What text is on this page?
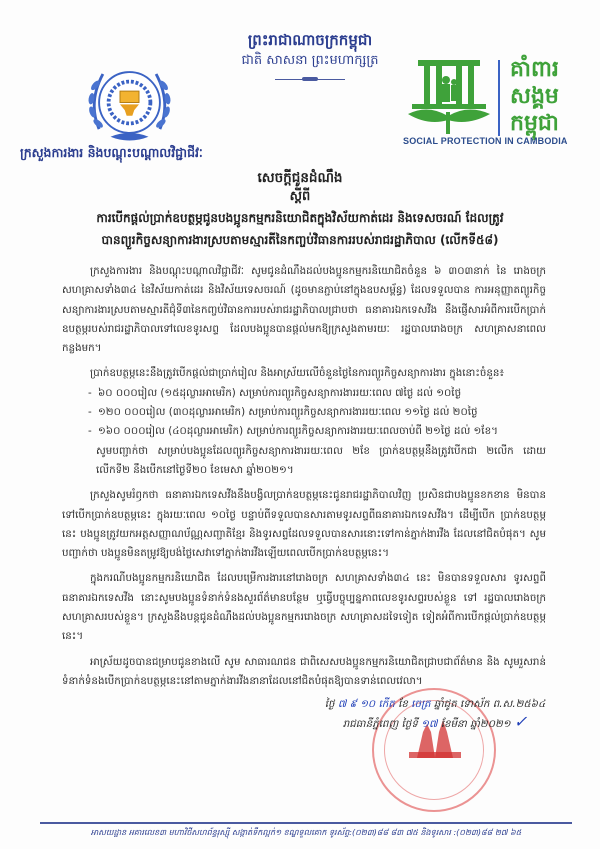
ព្រះរាជាណាចក្រកម្ពុជា
ជាតិ សាសនា ព្រះមហាក្សត្រ	គាំពារ
សង្គម
កម្ពុជា
SOCIAL PROTECTION IN CAMBODIA
ក្រសួងការងារ និងបណ្តុះបណ្តាលវិជ្ជាជីវៈ
សេចក្តីជូនដំណឹង
ស្តីពី
ការបើកផ្តល់ប្រាក់ឧបត្ថម្ភជូនបងប្អូនកម្មករនិយោជិតក្នុងវិស័យកាត់ដេរ និងទេសចរណ៍ ដែលត្រូវ
បានព្យួរកិច្ចសន្យាការងារស្របតាមស្មារតីនៃកញ្ចប់វិធានការរបស់រាជរដ្ឋាភិបាល (លើកទី៥៨)

ក្រសួងការងារ និងបណ្តុះបណ្តាលវិជ្ជាជីវៈ សូមជូនដំណឹងដល់បងប្អូនកម្មករនិយោជិតចំនួន ៦ ៣០៣នាក់ នៃ រោងចក្រ សហគ្រាសទាំង៣៤ នៃវិស័យកាត់ដេរ និងវិស័យទេសចរណ៍ (ដូចមានភ្ជាប់នៅក្នុងឧបសម្ព័ន្ធ) ដែលទទួលបាន ការអនុញ្ញាតព្យួរកិច្ចសន្យាការងារស្របតាមស្មារតីជុំទី៣នៃកញ្ចប់វិធានការរបស់រាជរដ្ឋាភិបាលជ្រាបថា ធនាគារឯកទេសវីង នឹងផ្ញើសារអំពីការបើកប្រាក់ឧបត្ថម្ភរបស់រាជរដ្ឋាភិបាលទៅលេខទូរសព្ទ ដែលបងប្អូនបានផ្តល់មកឱ្យក្រសួងតាមរយៈ រដ្ឋបាលរោងចក្រ សហគ្រាសនាពេលកន្លងមក។

ប្រាក់ឧបត្ថម្ភនេះនឹងត្រូវបើកផ្តល់ជាប្រាក់រៀល និងអាស្រ័យលើចំនួនថ្ងៃនៃការព្យួរកិច្ចសន្យាការងារ ក្នុងនោះចំនួន៖

- ៦០ ០០០រៀល (១៥ដុល្លារអាមេរិក) សម្រាប់ការព្យួរកិច្ចសន្យាការងាររយៈពេល ៧ថ្ងៃ ដល់ ១០ថ្ងៃ
- ១២០ ០០០រៀល (៣០ដុល្លារអាមេរិក) សម្រាប់ការព្យួរកិច្ចសន្យាការងាររយៈពេល ១១ថ្ងៃ ដល់ ២០ថ្ងៃ
- ១៦០ ០០០រៀល (៤០ដុល្លារអាមេរិក) សម្រាប់ការព្យួរកិច្ចសន្យាការងាររយៈពេលចាប់ពី ២១ថ្ងៃ ដល់ ១ខែ។
សូមបញ្ជាក់ថា សម្រាប់បងប្អូនដែលព្យួរកិច្ចសន្យាការងាររយៈពេល ២ខែ ប្រាក់ឧបត្ថម្ភនឹងត្រូវបើកជា ២លើក ដោយលើកទី២ នឹងបើកនៅថ្ងៃទី២០ ខែមេសា ឆ្នាំ២០២១។

ក្រសួងសូមរំឭកថា ធនាគារឯកទេសវីងនឹងបង្វិលប្រាក់ឧបត្ថម្ភនេះជូនរាជរដ្ឋាភិបាលវិញ ប្រសិនជាបងប្អូនខកខាន មិនបានទៅបើកប្រាក់ឧបត្ថម្ភនេះ ក្នុងរយៈពេល ១០ថ្ងៃ បន្ទាប់ពីទទួលបានសារតាមទូរសព្ទពីធនាគារឯកទេសវីង។ ដើម្បីបើក ប្រាក់ឧបត្ថម្ភនេះ បងប្អូនត្រូវយកអត្តសញ្ញាណប័ណ្ណសញ្ជាតិខ្មែរ និងទូរសព្ទដែលទទួលបានសារនោះទៅកាន់ភ្នាក់ងារវីង ដែលនៅជិតបំផុត។ សូមបញ្ជាក់ថា បងប្អូនមិនតម្រូវឱ្យបង់ថ្លៃសេវាទៅភ្នាក់ងារវីងឡើយពេលបើកប្រាក់ឧបត្ថម្ភនេះ។

ក្នុងករណីបងប្អូនកម្មករនិយោជិត ដែលបម្រើការងារនៅរោងចក្រ សហគ្រាសទាំង៣៤ នេះ មិនបានទទួលសារ ទូរសព្ទពីធនាគារឯកទេសវីង នោះសូមបងប្អូនទំនាក់ទំនងសួរព័ត៌មានបន្ថែម ឬធ្វើបច្ចុប្បន្នភាពលេខទូរសព្ទរបស់ខ្លួន ទៅ រដ្ឋបាលរោងចក្រ សហគ្រាសរបស់ខ្លួន។ ក្រសួងនឹងបន្តជូនដំណឹងដល់បងប្អូនកម្មកររោងចក្រ សហគ្រាសដទៃទៀត ទៀតអំពីការបើកផ្តល់ប្រាក់ឧបត្ថម្ភនេះ។

អាស្រ័យដូចបានជម្រាបជូនខាងលើ សូម សាធារណជន ជាពិសេសបងប្អូនកម្មករនិយោជិតជ្រាបជាព័ត៌មាន និង សូមរួសរាន់ទំនាក់ទំនងបើកប្រាក់ឧបត្ថម្ភនេះនៅតាមភ្នាក់ងារវីងនានាដែលនៅជិតបំផុតឱ្យបានទាន់ពេលវេលា។

ថ្ងៃ ៧ ៩ ១០ កើត ខែ ចេត្រ ឆ្នាំជូត ទោស័ក ព.ស.២៥៦៤
រាជធានីភ្នំពេញ ថ្ងៃទី ១៧ ខែមីនា ឆ្នាំ២០២១ ✓
អាសយដ្ឋាន អគារលេខ៣ មហាវិថីសហព័ន្ធរុស្ស៊ី សង្កាត់ទឹកល្អក់១ ខណ្ឌទួលគោក ទូរស័ព្ទ:(០២៣)៨៨ ៨៣ ៧៥ និងទូរសារ :(០២៣)៨៨ ២៧ ៦៥
